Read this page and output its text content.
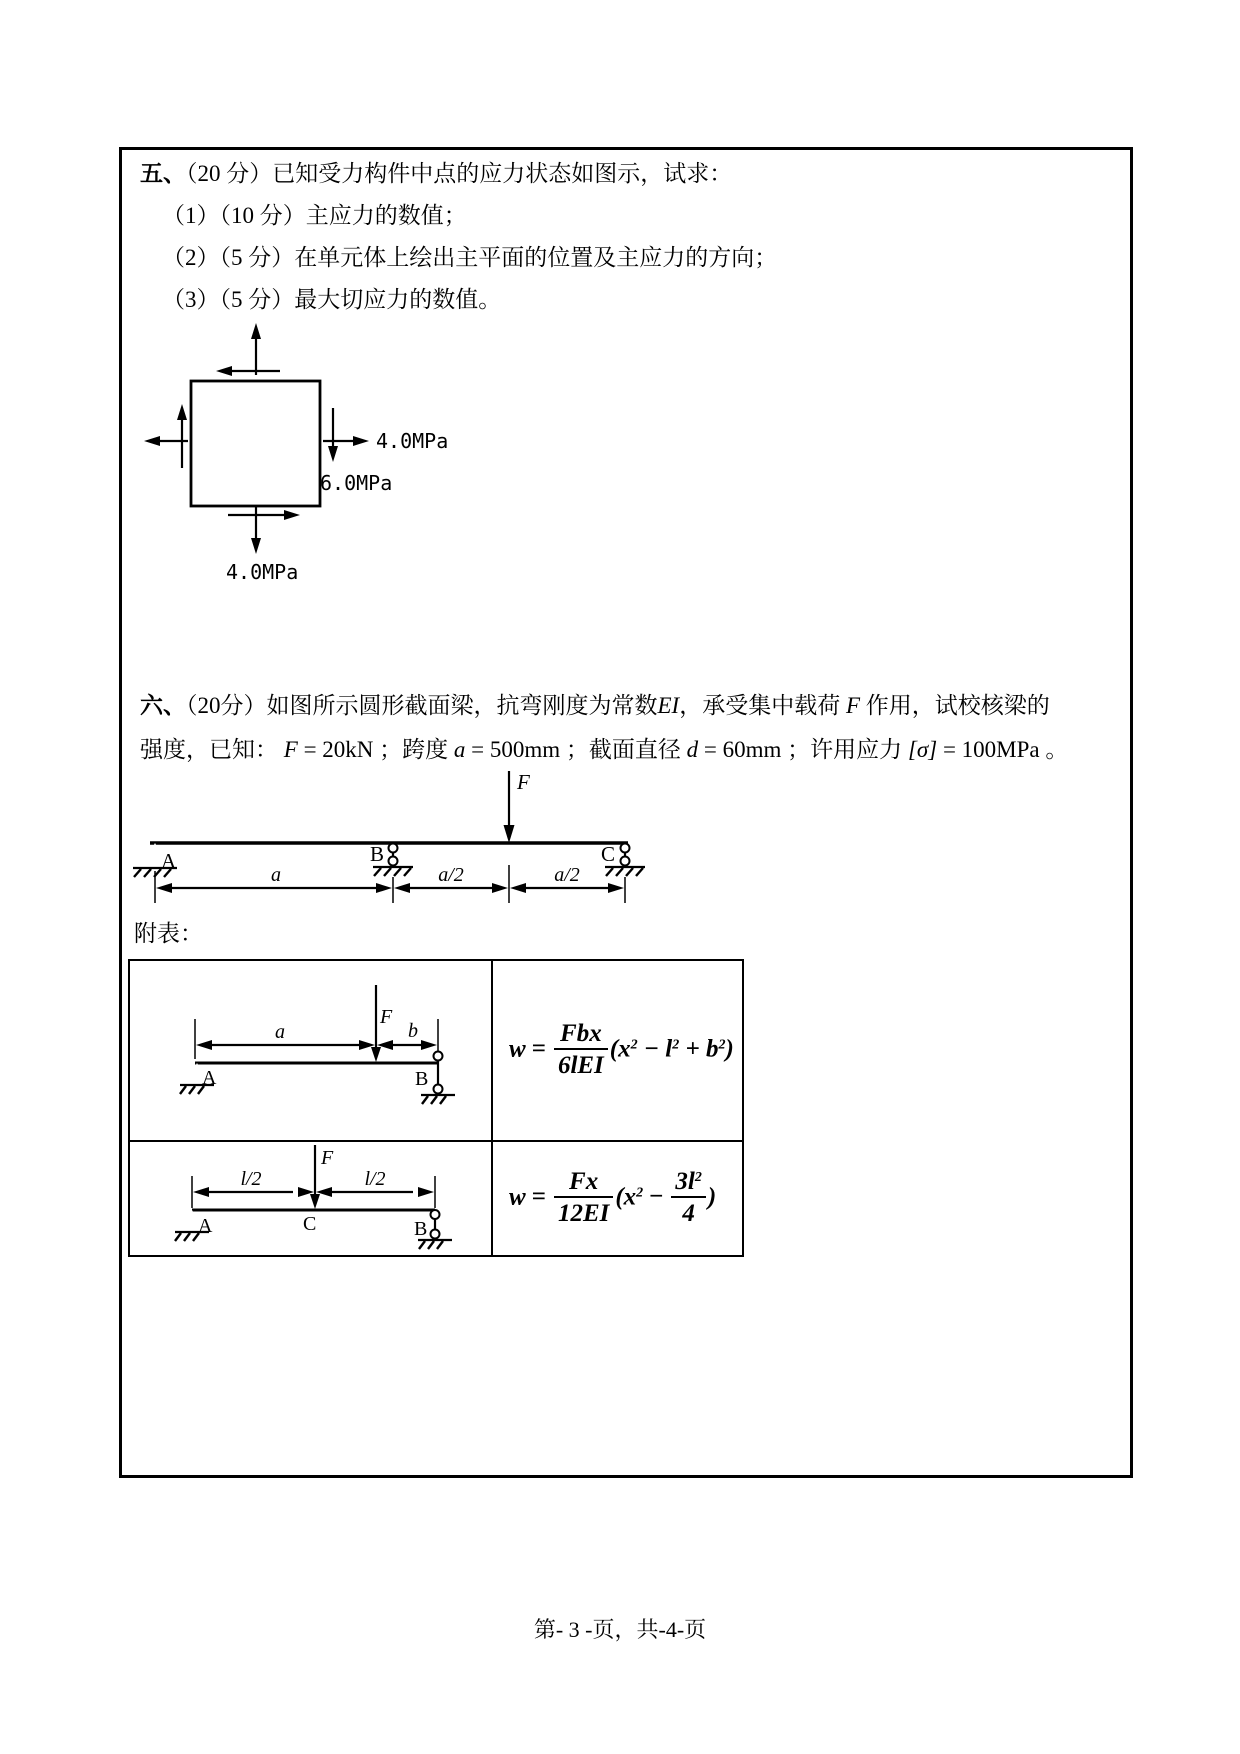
五、（20 分）已知受力构件中点的应力状态如图示，试求：
（1）（10 分）主应力的数值；
（2）（5 分）在单元体上绘出主平面的位置及主应力的方向；
（3）（5 分）最大切应力的数值。
4.0MPa
6.0MPa
4.0MPa
六、（20分）如图所示圆形截面梁，抗弯刚度为常数EI，承受集中载荷 F 作用，试校核梁的
强度，已知： F = 20kN ；跨度 a = 500mm ；截面直径 d = 60mm ；许用应力 [σ] = 100MPa 。
F
A	B	C
a	a/2	a/2
附表：
F
a	b
A	B
$w = \frac{\text{Fbx}}{\text{6lEI}} (x^2 - l^2 + b^2)$
F
l/2	l/2
A	C	B
$w = \frac{Fx}{12EI} (x^2 - \frac{3l^2}{4}$ )
第- 3 -页，共-4-页
